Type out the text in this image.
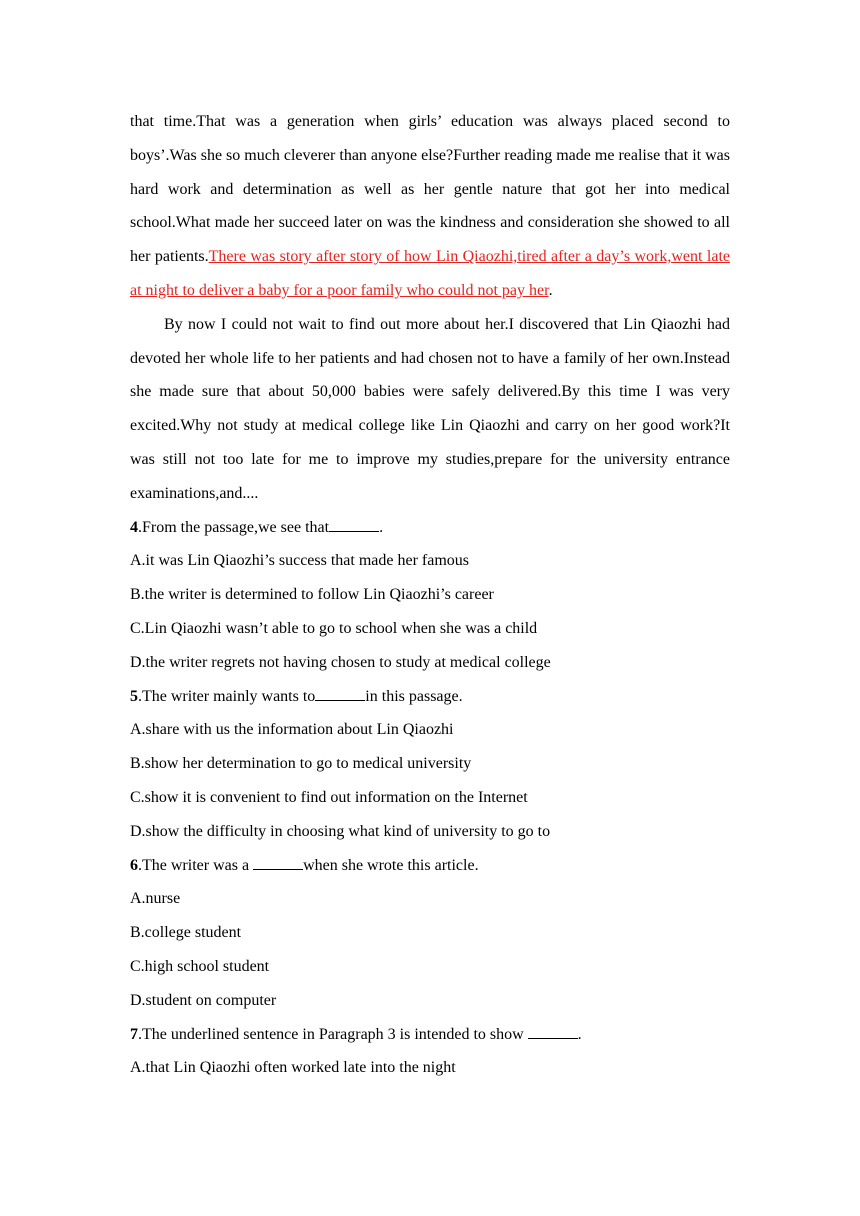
that time.That was a generation when girls’ education was always placed second to boys’.Was she so much cleverer than anyone else?Further reading made me realise that it was hard work and determination as well as her gentle nature that got her into medical school.What made her succeed later on was the kindness and consideration she showed to all her patients.There was story after story of how Lin Qiaozhi,tired after a day’s work,went late at night to deliver a baby for a poor family who could not pay her.

By now I could not wait to find out more about her.I discovered that Lin Qiaozhi had devoted her whole life to her patients and had chosen not to have a family of her own.Instead she made sure that about 50,000 babies were safely delivered.By this time I was very excited.Why not study at medical college like Lin Qiaozhi and carry on her good work?It was still not too late for me to improve my studies,prepare for the university entrance examinations,and....

4.From the passage,we see that	.

A.it was Lin Qiaozhi’s success that made her famous

B.the writer is determined to follow Lin Qiaozhi’s career

C.Lin Qiaozhi wasn’t able to go to school when she was a child

D.the writer regrets not having chosen to study at medical college

5.The writer mainly wants to	in this passage.

A.share with us the information about Lin Qiaozhi

B.show her determination to go to medical university

C.show it is convenient to find out information on the Internet

D.show the difficulty in choosing what kind of university to go to

6.The writer was a	when she wrote this article.

A.nurse

B.college student

C.high school student

D.student on computer

7.The underlined sentence in Paragraph 3 is intended to show	.

A.that Lin Qiaozhi often worked late into the night
